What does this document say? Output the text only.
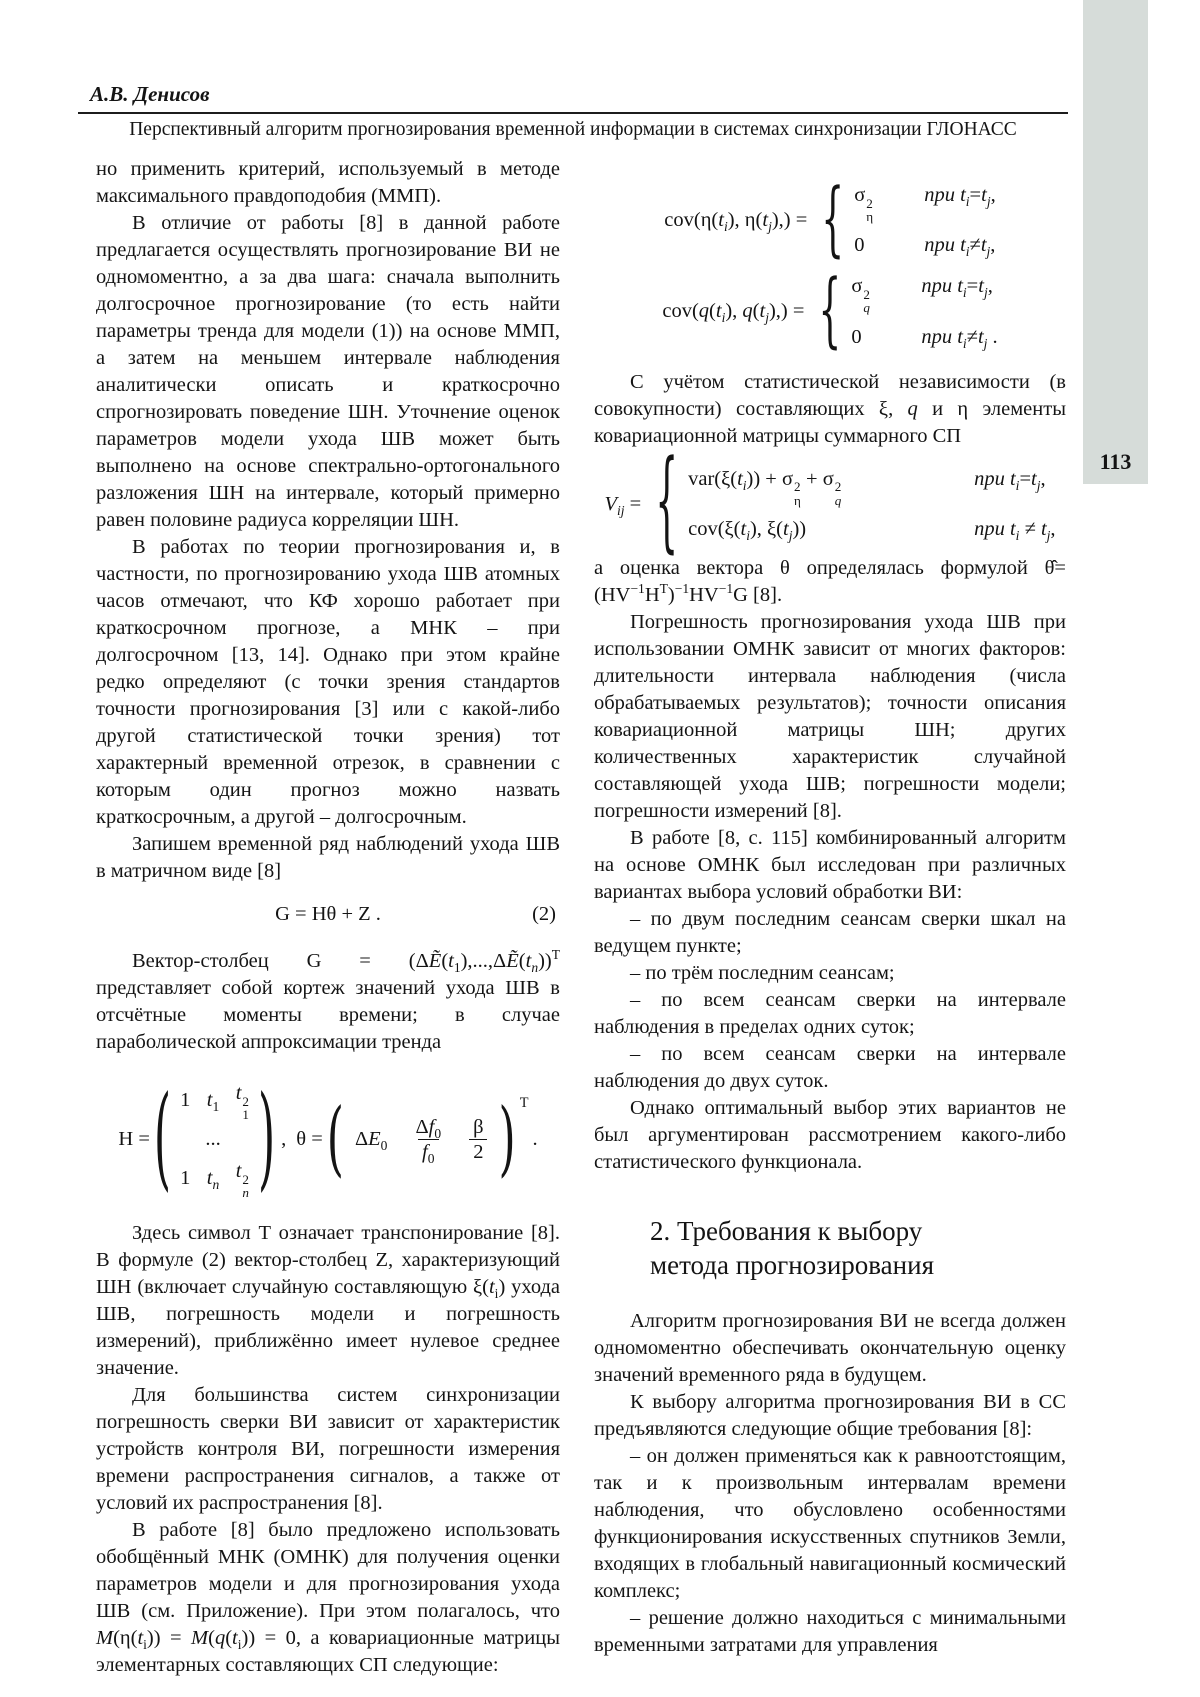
А.В. Денисов
Перспективный алгоритм прогнозирования временной информации в системах синхронизации ГЛОНАСС
113

но применить критерий, используемый в методе максимального правдоподобия (ММП).

В отличие от работы [8] в данной работе предлагается осуществлять прогнозирование ВИ не одномоментно, а за два шага: сначала выполнить долгосрочное прогнозирование (то есть найти параметры тренда для модели (1)) на основе ММП, а затем на меньшем интервале наблюдения аналитически описать и краткосрочно спрогнозировать поведение ШН. Уточнение оценок параметров модели ухода ШВ может быть выполнено на основе спектрально-ортогонального разложения ШН на интервале, который примерно равен половине радиуса корреляции ШН.

В работах по теории прогнозирования и, в частности, по прогнозированию ухода ШВ атомных часов отмечают, что КФ хорошо работает при краткосрочном прогнозе, а МНК – при долгосрочном [13, 14]. Однако при этом крайне редко определяют (с точки зрения стандартов точности прогнозирования [3] или с какой-либо другой статистической точки зрения) тот характерный временной отрезок, в сравнении с которым один прогноз можно назвать краткосрочным, а другой – долгосрочным.

Запишем временной ряд наблюдений ухода ШВ в матричном виде [8]

G = Hθ + Z .	(2)

Вектор-столбец $G = (\Delta Ẽ(t_1),...,\Delta Ẽ(t_n))^T$ представляет собой кортеж значений ухода ШВ в отсчётные моменты времени; в случае параболической аппроксимации тренда

H = ( 1 $t_1$
t 2
1
...
1 $t_n$
t 2
n ) , θ = ( $\Delta E_0 \frac{\Delta f_0}{f_0} \frac{\beta}{2}$ ) T
.

Здесь символ Т означает транспонирование [8]. В формуле (2) вектор-столбец Z, характеризующий ШН (включает случайную составляющую $\xi(t_i)$ ухода ШВ, погрешность модели и погрешность измерений), приближённо имеет нулевое среднее значение.

Для большинства систем синхронизации погрешность сверки ВИ зависит от характеристик устройств контроля ВИ, погрешности измерения времени распространения сигналов, а также от условий их распространения [8].

В работе [8] было предложено использовать обобщённый МНК (ОМНК) для получения оценки параметров модели и для прогнозирования ухода ШВ (см. Приложение). При этом полагалось, что $M(\eta(t_i)) = M(q(t_i)) = 0$, а ковариационные матрицы элементарных составляющих СП следующие:

$cov(\eta(t_i)$, $\eta(t_j)$,) = { σ 2
η
при $t_i=t_j$,
0	при $t_i\ne t_j$,
$cov(q(t_i)$, $q(t_j)$,) = { σ 2
q
при $t_i=t_j$,
0	при $t_i\ne t_j$ .

С учётом статистической независимости (в совокупности) составляющих ξ, q и η элементы ковариационной матрицы суммарного СП

$V_{ij}$ = { $var(\xi(t_i)) + \sigma$ 2
η
+ σ 2
q
при $t_i=t_j$,
$cov(\xi(t_i)$, $\xi(t_j)$)	при $t_i \ne t_j$,

а оценка вектора θ определялась формулой $\thetâ=(HV^{-1}H^T)^{-1}HV^{-1}G$ [8].

Погрешность прогнозирования ухода ШВ при использовании ОМНК зависит от многих факторов: длительности интервала наблюдения (числа обрабатываемых результатов); точности описания ковариационной матрицы ШН; других количественных характеристик случайной составляющей ухода ШВ; погрешности модели; погрешности измерений [8].

В работе [8, с. 115] комбинированный алгоритм на основе ОМНК был исследован при различных вариантах выбора условий обработки ВИ:

– по двум последним сеансам сверки шкал на ведущем пункте;

– по трём последним сеансам;

– по всем сеансам сверки на интервале наблюдения в пределах одних суток;

– по всем сеансам сверки на интервале наблюдения до двух суток.

Однако оптимальный выбор этих вариантов не был аргументирован рассмотрением какого-либо статистического функционала.

2. Требования к выбору
метода прогнозирования

Алгоритм прогнозирования ВИ не всегда должен одномоментно обеспечивать окончательную оценку значений временного ряда в будущем.

К выбору алгоритма прогнозирования ВИ в СС предъявляются следующие общие требования [8]:

– он должен применяться как к равноотстоящим, так и к произвольным интервалам времени наблюдения, что обусловлено особенностями функционирования искусственных спутников Земли, входящих в глобальный навигационный космический комплекс;

– решение должно находиться с минимальными временными затратами для управления
